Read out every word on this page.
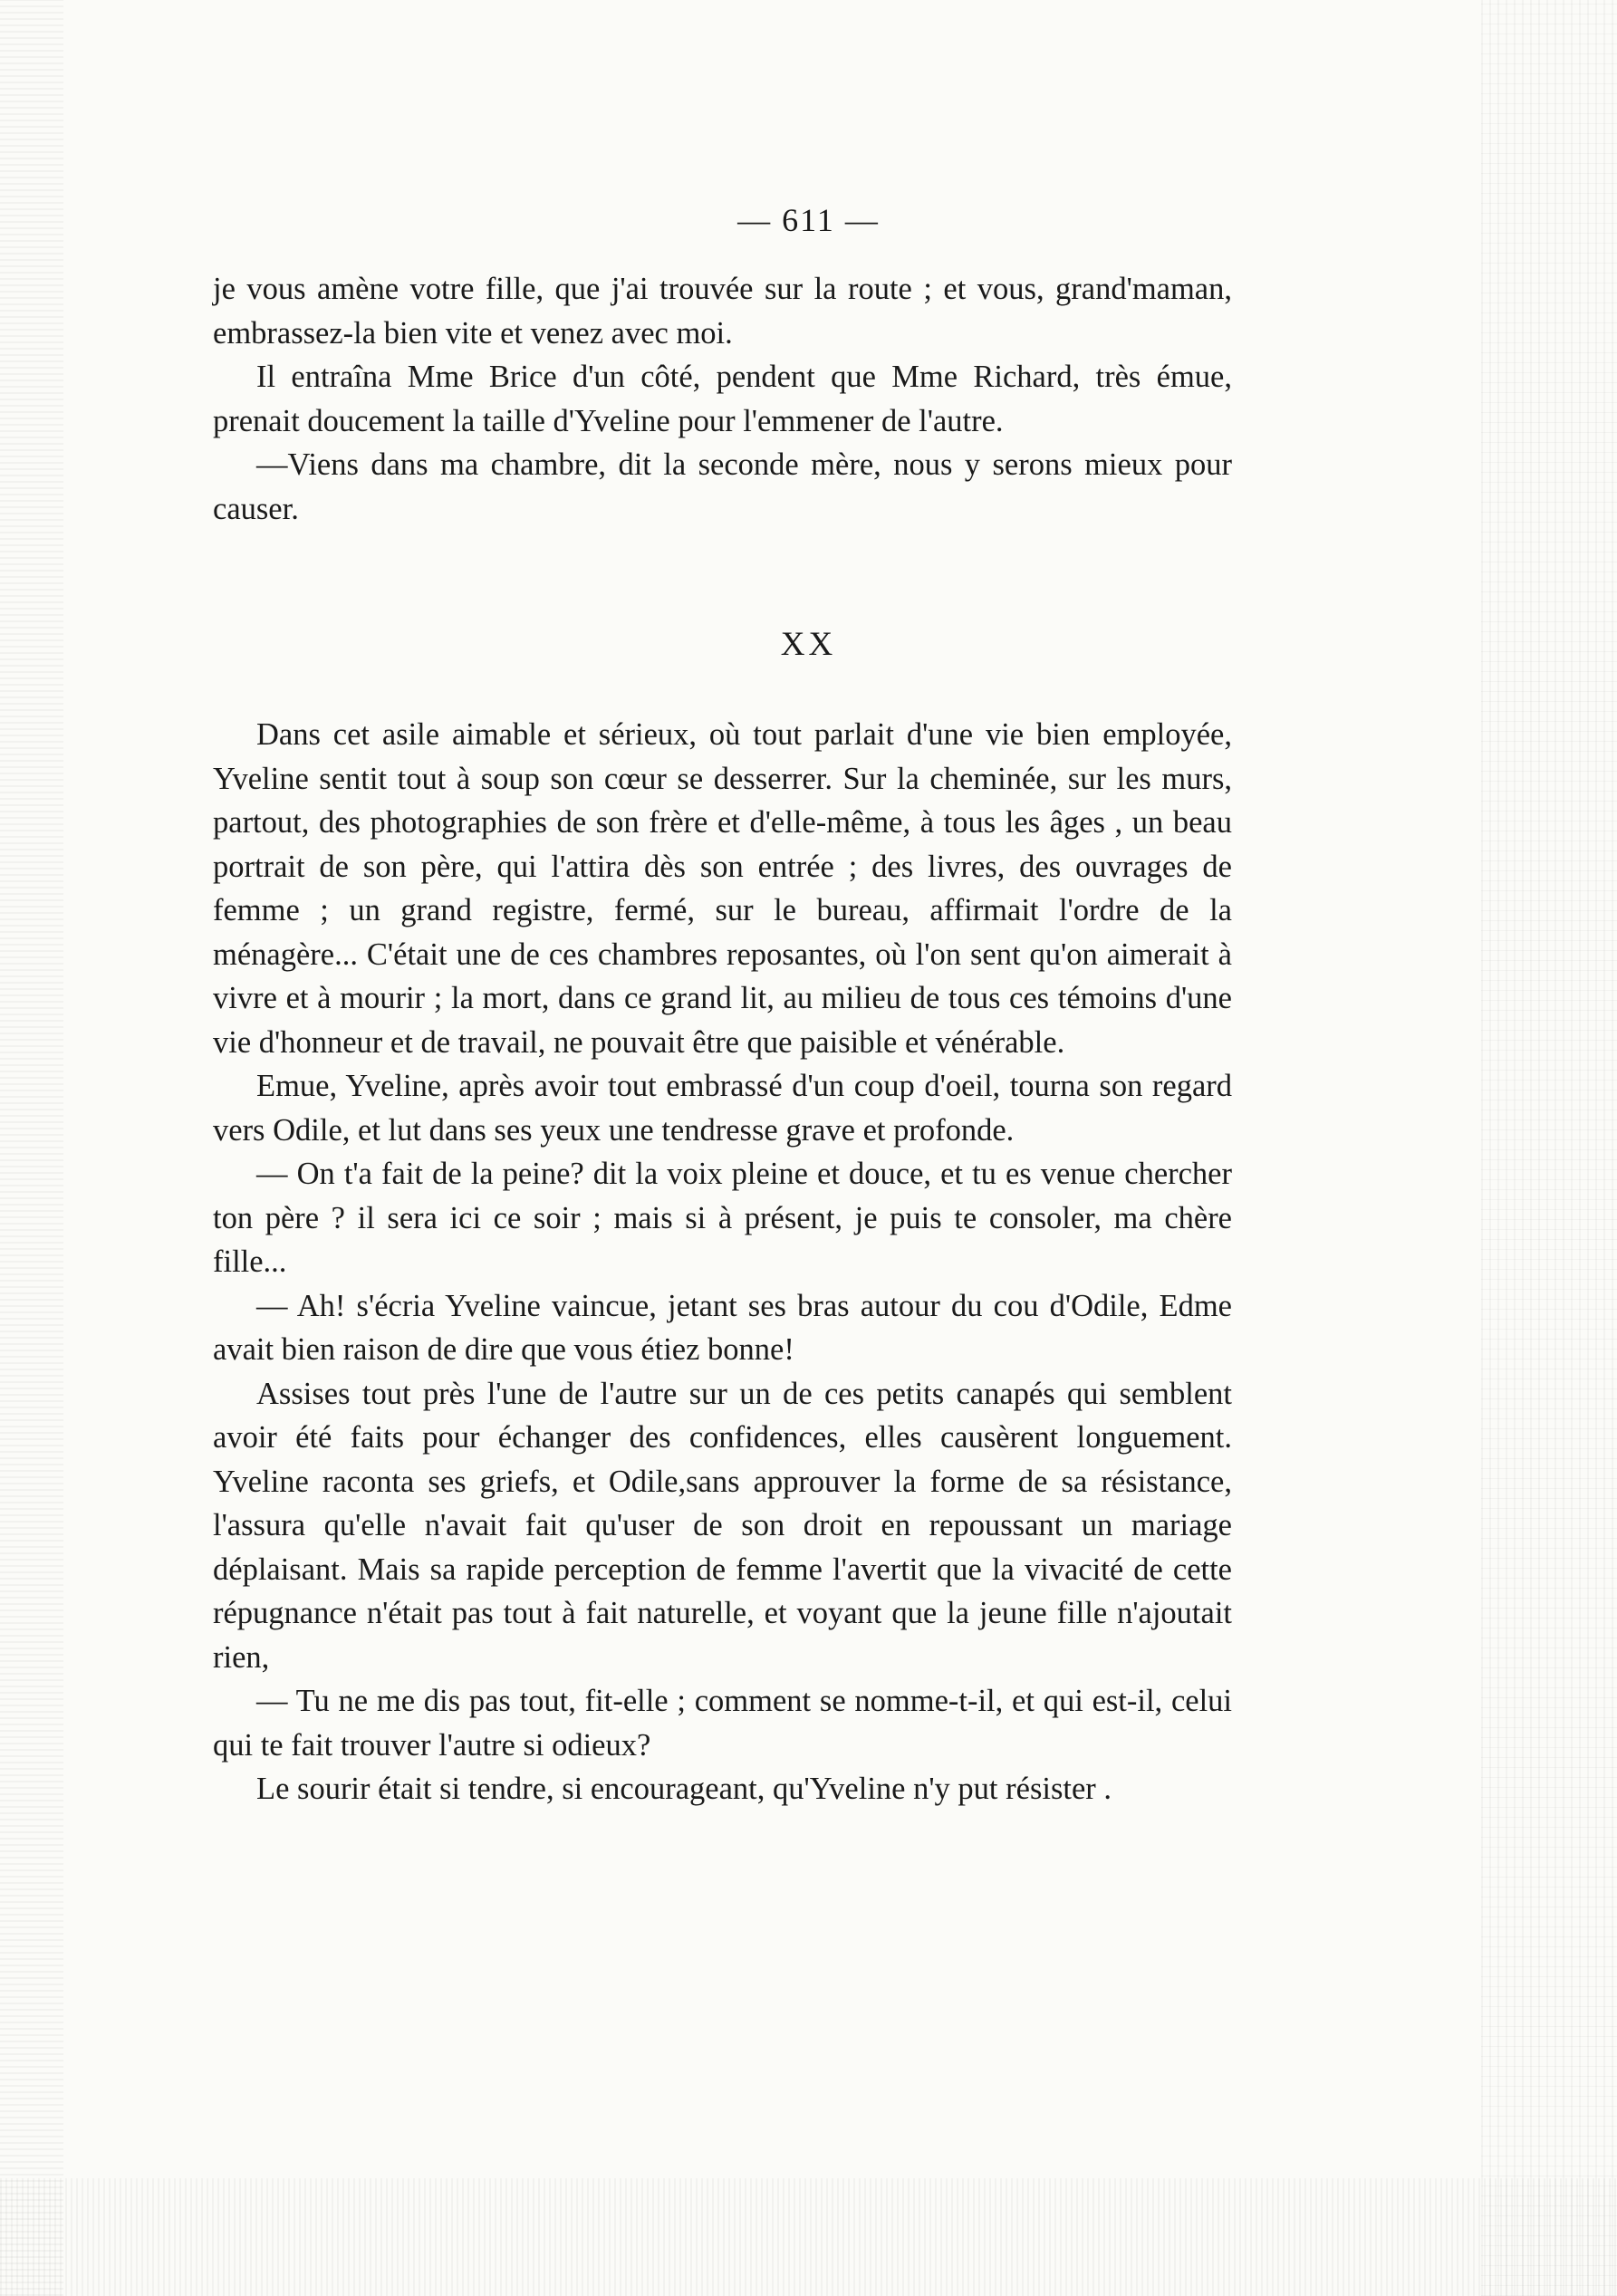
— 611 —

je vous amène votre fille, que j'ai trouvée sur la route ; et vous, grand'maman, embrassez-la bien vite et venez avec moi.

Il entraîna Mme Brice d'un côté, pendent que Mme Richard, très émue, prenait doucement la taille d'Yveline pour l'emmener de l'autre.

—Viens dans ma chambre, dit la seconde mère, nous y serons mieux pour causer.

XX

Dans cet asile aimable et sérieux, où tout parlait d'une vie bien employée, Yveline sentit tout à soup son cœur se desserrer. Sur la cheminée, sur les murs, partout, des photographies de son frère et d'elle-même, à tous les âges , un beau portrait de son père, qui l'attira dès son entrée ; des livres, des ouvrages de femme ; un grand registre, fermé, sur le bureau, affirmait l'ordre de la ménagère... C'était une de ces chambres reposantes, où l'on sent qu'on aimerait à vivre et à mourir ; la mort, dans ce grand lit, au milieu de tous ces témoins d'une vie d'honneur et de travail, ne pouvait être que paisible et vénérable.

Emue, Yveline, après avoir tout embrassé d'un coup d'oeil, tourna son regard vers Odile, et lut dans ses yeux une tendresse grave et profonde.

— On t'a fait de la peine? dit la voix pleine et douce, et tu es venue chercher ton père ? il sera ici ce soir ; mais si à présent, je puis te consoler, ma chère fille...

— Ah! s'écria Yveline vaincue, jetant ses bras autour du cou d'Odile, Edme avait bien raison de dire que vous étiez bonne!

Assises tout près l'une de l'autre sur un de ces petits canapés qui semblent avoir été faits pour échanger des confidences, elles causèrent longuement. Yveline raconta ses griefs, et Odile,sans approuver la forme de sa résistance, l'assura qu'elle n'avait fait qu'user de son droit en repoussant un mariage déplaisant. Mais sa rapide perception de femme l'avertit que la vivacité de cette répugnance n'était pas tout à fait naturelle, et voyant que la jeune fille n'ajoutait rien,

— Tu ne me dis pas tout, fit-elle ; comment se nomme-t-il, et qui est-il, celui qui te fait trouver l'autre si odieux?

Le sourir était si tendre, si encourageant, qu'Yveline n'y put résister .
